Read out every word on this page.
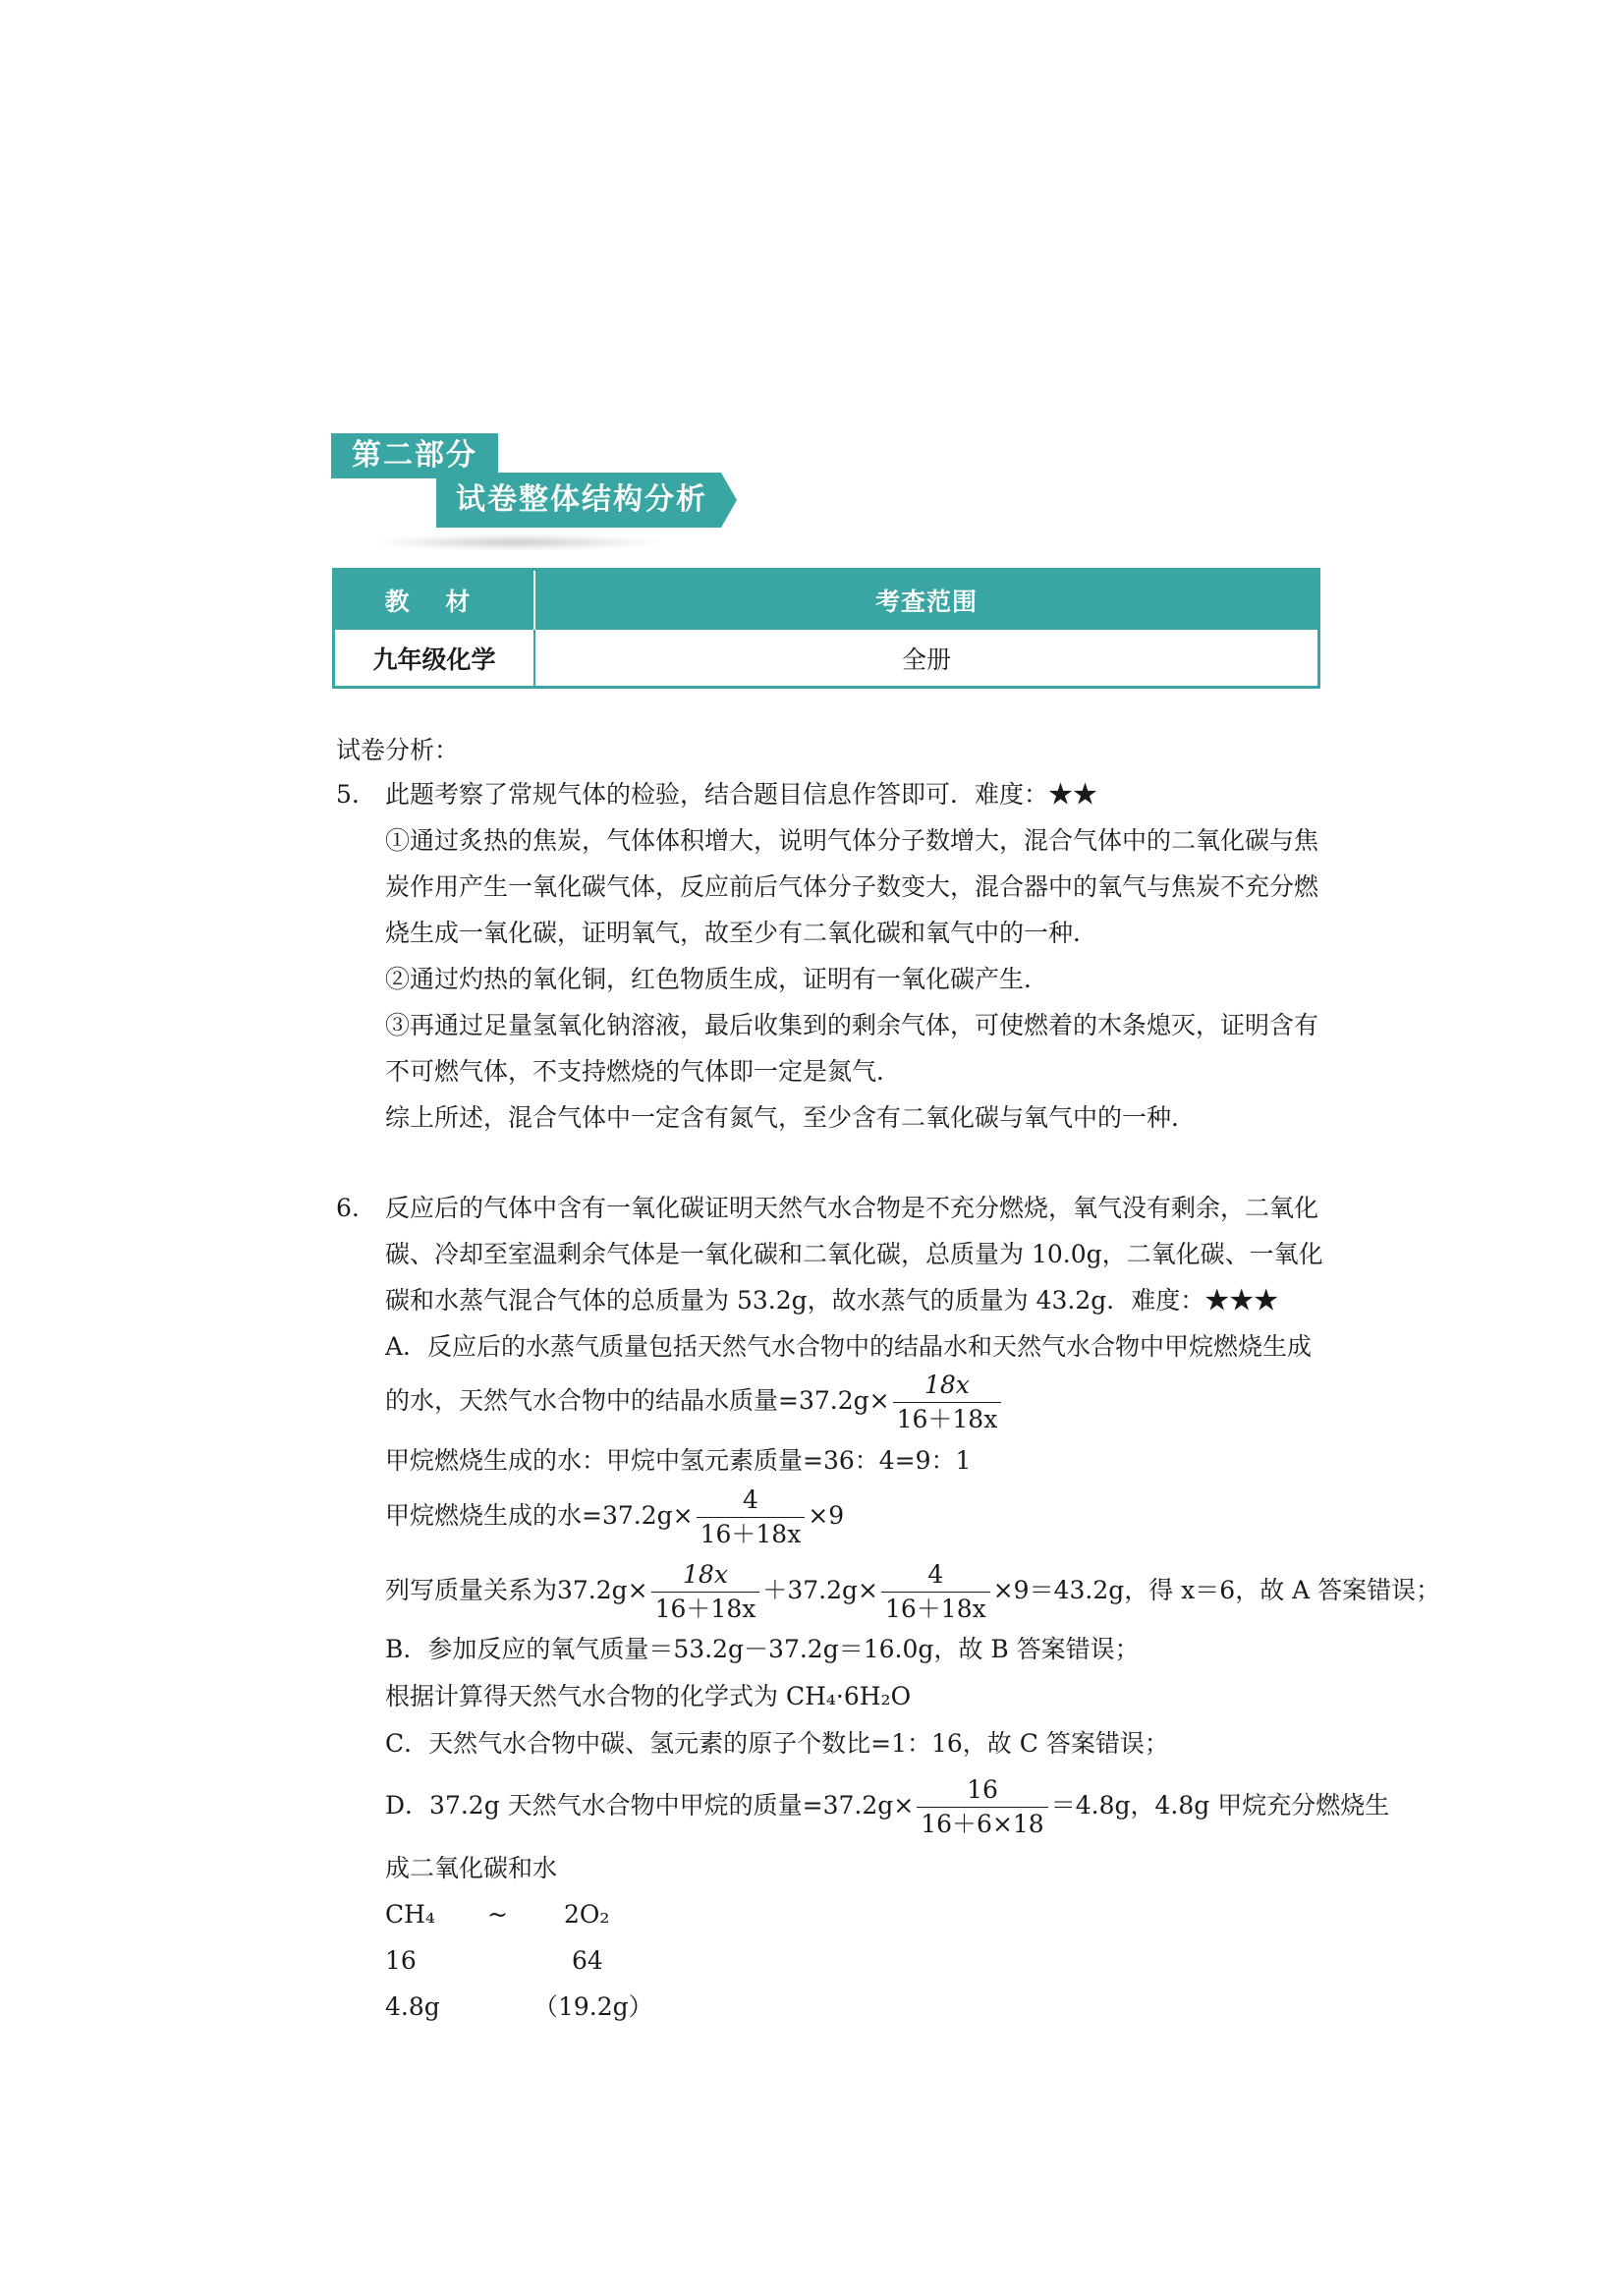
第二部分
试卷整体结构分析
教 材	考查范围
九年级化学	全册
试卷分析：
5. 此题考察了常规气体的检验，结合题目信息作答即可．难度：★★
①通过炙热的焦炭，气体体积增大，说明气体分子数增大，混合气体中的二氧化碳与焦
炭作用产生一氧化碳气体，反应前后气体分子数变大，混合器中的氧气与焦炭不充分燃
烧生成一氧化碳，证明氧气，故至少有二氧化碳和氧气中的一种．
②通过灼热的氧化铜，红色物质生成，证明有一氧化碳产生．
③再通过足量氢氧化钠溶液，最后收集到的剩余气体，可使燃着的木条熄灭，证明含有
不可燃气体，不支持燃烧的气体即一定是氮气．
综上所述，混合气体中一定含有氮气，至少含有二氧化碳与氧气中的一种．
6. 反应后的气体中含有一氧化碳证明天然气水合物是不充分燃烧，氧气没有剩余，二氧化
碳、冷却至室温剩余气体是一氧化碳和二氧化碳，总质量为 10.0g，二氧化碳、一氧化
碳和水蒸气混合气体的总质量为 53.2g，故水蒸气的质量为 43.2g．难度：★★★
A．反应后的水蒸气质量包括天然气水合物中的结晶水和天然气水合物中甲烷燃烧生成
的水，天然气水合物中的结晶水质量$=37.2g\times \frac{18x}{16+18x}$
甲烷燃烧生成的水：甲烷中氢元素质量=36：4=9：1
甲烷燃烧生成的水$=37.2g\times \frac{4}{16+18x} \times 9$
列写质量关系为$37.2g\times \frac{18x}{16+18x} +37.2g\times \frac{4}{16+18x} \times 9=43.2g$，得 x＝6，故 A 答案错误；
B．参加反应的氧气质量＝53.2g－37.2g＝16.0g，故 B 答案错误；
根据计算得天然气水合物的化学式为 CH₄·6H₂O
C．天然气水合物中碳、氢元素的原子个数比=1：16，故 C 答案错误；
D．37.2g 天然气水合物中甲烷的质量$=37.2g\times \frac{16}{16+6\times 18} =4.8g$，4.8g 甲烷充分燃烧生
成二氧化碳和水
CH₄ ~ 2O₂
16	64
4.8g	（19.2g）
